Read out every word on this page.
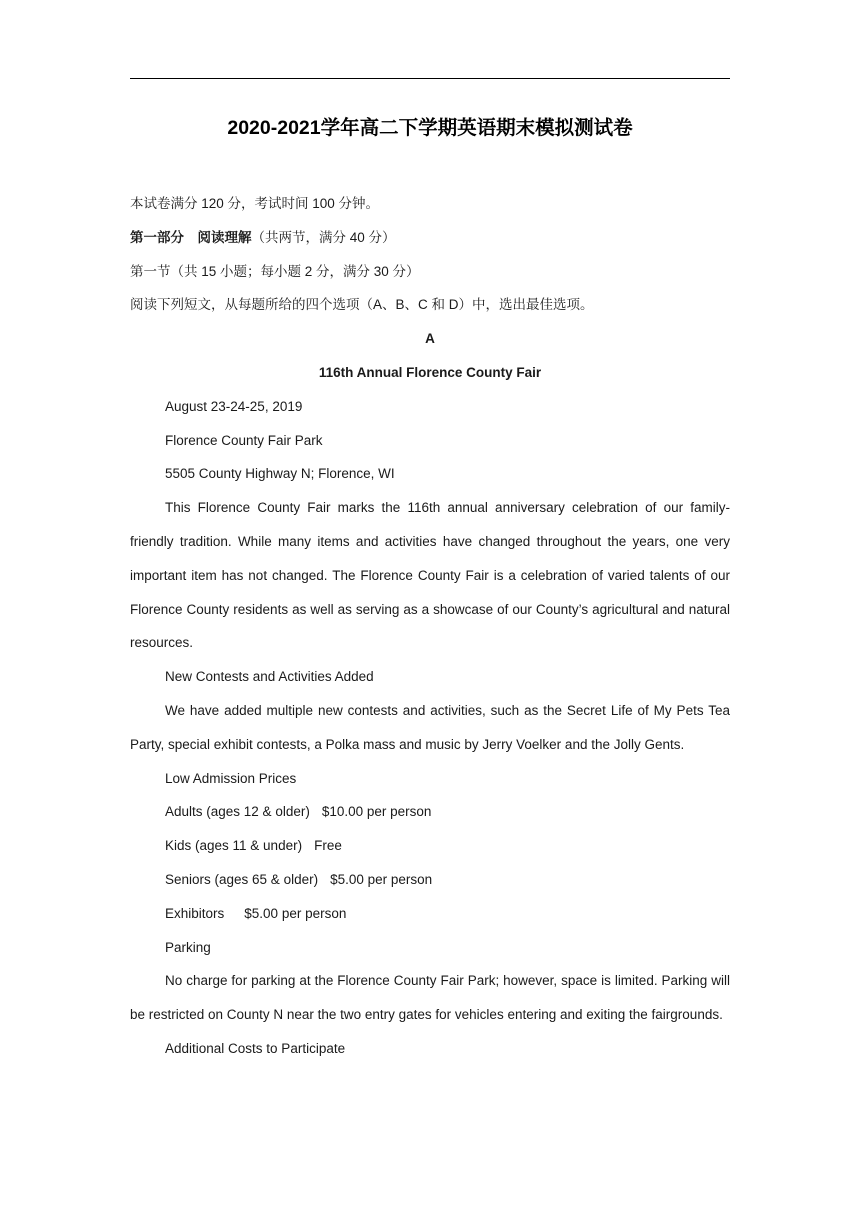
2020-2021学年高二下学期英语期末模拟测试卷
本试卷满分 120 分，考试时间 100 分钟。
第一部分　阅读理解（共两节，满分 40 分）
第一节（共 15 小题；每小题 2 分，满分 30 分）
阅读下列短文，从每题所给的四个选项（A、B、C 和 D）中，选出最佳选项。
A
116th Annual Florence County Fair
August 23-24-25, 2019
Florence County Fair Park
5505 County Highway N; Florence, WI

This Florence County Fair marks the 116th annual anniversary celebration of our family-friendly tradition. While many items and activities have changed throughout the years, one very important item has not changed. The Florence County Fair is a celebration of varied talents of our Florence County residents as well as serving as a showcase of our County’s agricultural and natural resources.

New Contests and Activities Added

We have added multiple new contests and activities, such as the Secret Life of My Pets Tea Party, special exhibit contests, a Polka mass and music by Jerry Voelker and the Jolly Gents.

Low Admission Prices
Adults (ages 12 & older) $10.00 per person
Kids (ages 11 & under) Free
Seniors (ages 65 & older) $5.00 per person
Exhibitors $5.00 per person
Parking

No charge for parking at the Florence County Fair Park; however, space is limited. Parking will be restricted on County N near the two entry gates for vehicles entering and exiting the fairgrounds.

Additional Costs to Participate
